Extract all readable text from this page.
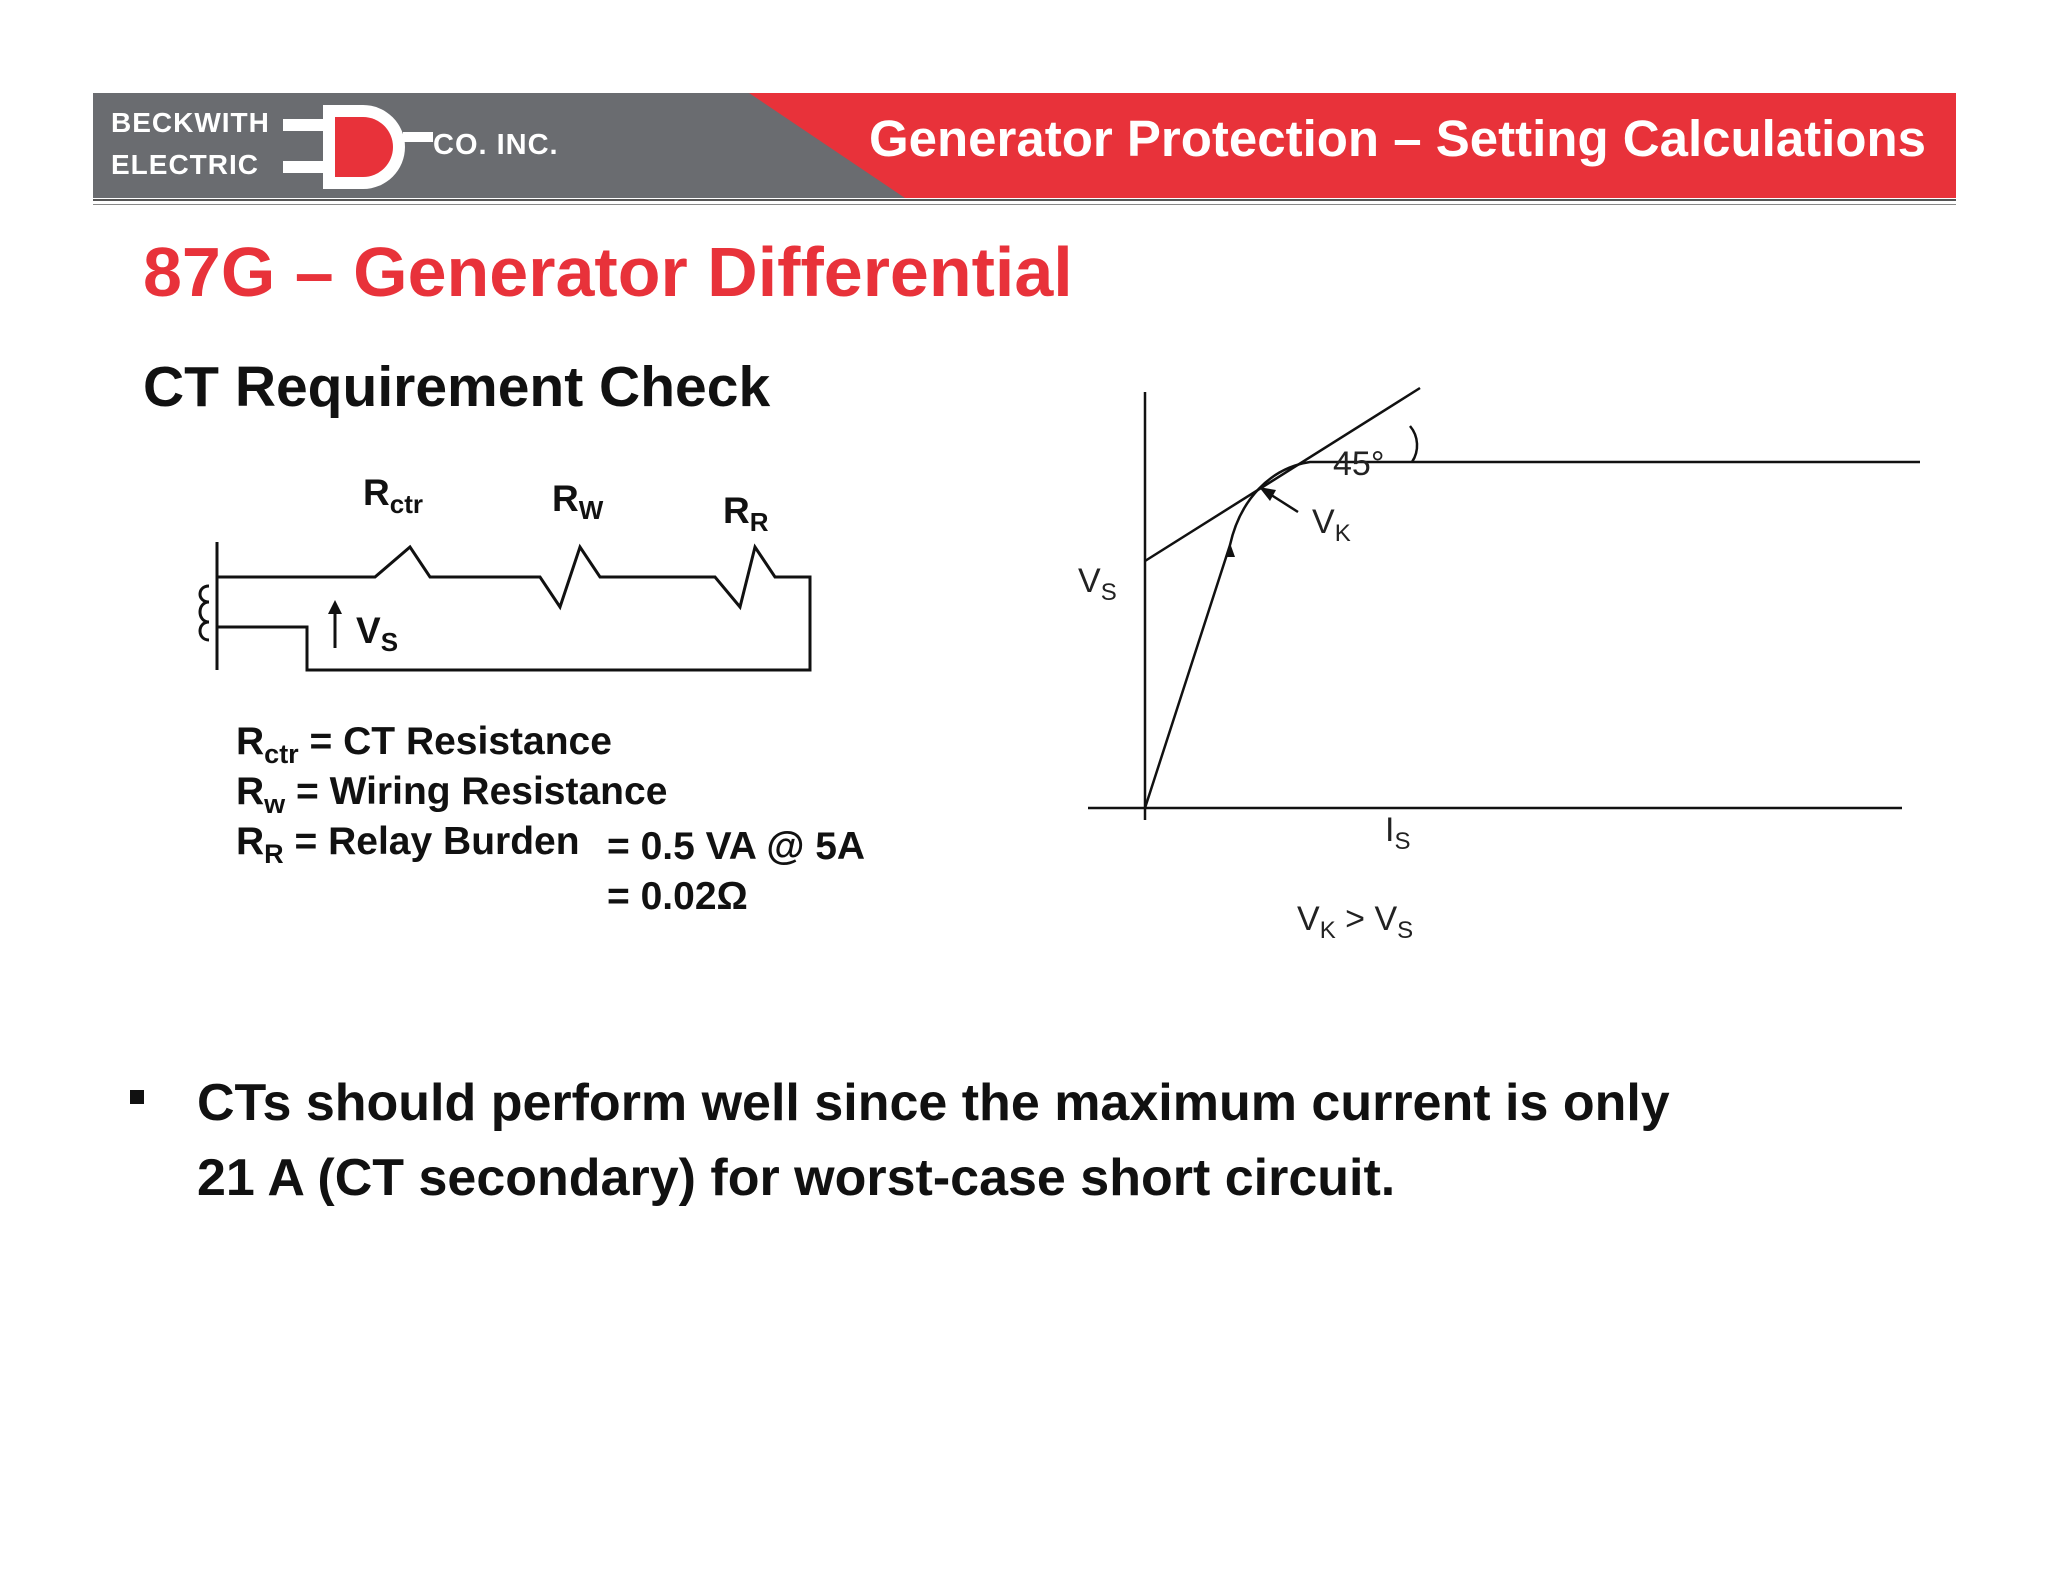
BECKWITH
ELECTRIC
CO. INC.	Generator Protection – Setting Calculations
87G – Generator Differential
CT Requirement Check
$R_{ctr}$	$R_W$	$R_R$
$V_S$
$R_{ctr}$ = CT Resistance
$R_w$ = Wiring Resistance
$R_R$ = Relay Burden = 0.5 VA @ 5A
= 0.02Ω
45°
$V_K$
$V_S$
$I_S$
$V_K > V_S$

CTs should perform well since the maximum current is only
21 A (CT secondary) for worst-case short circuit.
